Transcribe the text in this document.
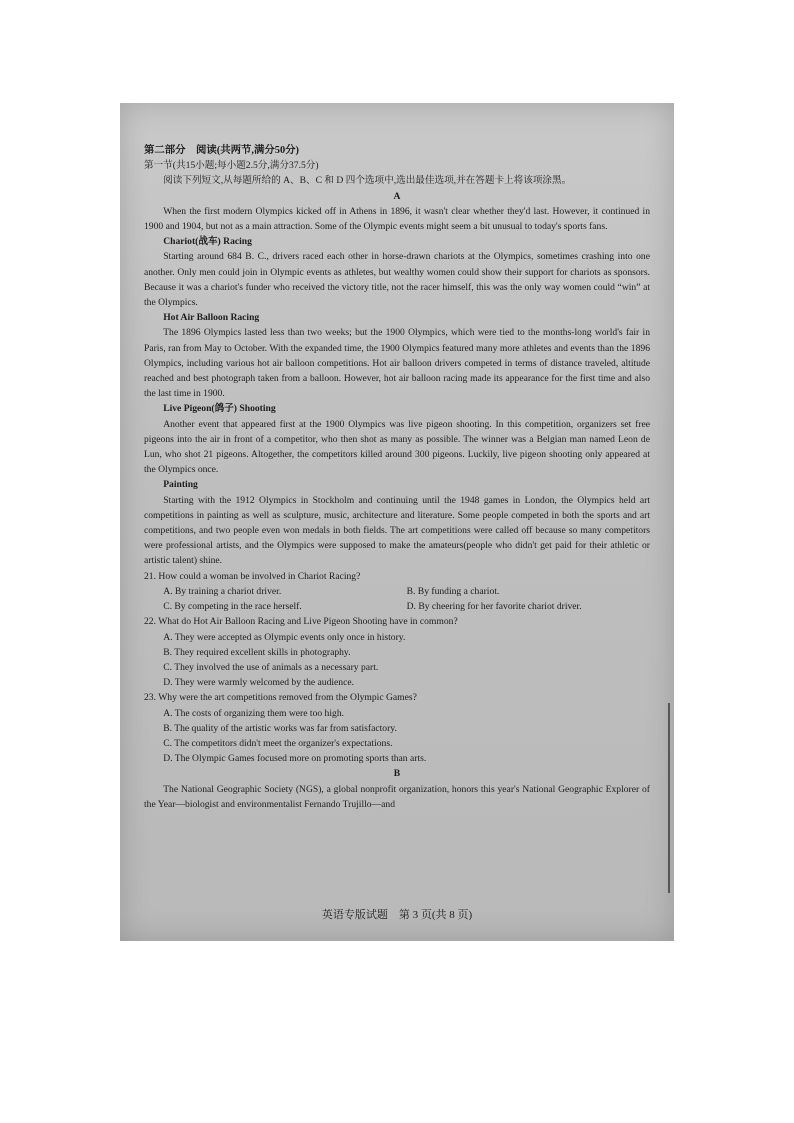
第二部分　阅读(共两节,满分50分)

第一节(共15小题;每小题2.5分,满分37.5分)

阅读下列短文,从每题所给的 A、B、C 和 D 四个选项中,选出最佳选项,并在答题卡上将该项涂黑。

A

When the first modern Olympics kicked off in Athens in 1896, it wasn't clear whether they'd last. However, it continued in 1900 and 1904, but not as a main attraction. Some of the Olympic events might seem a bit unusual to today's sports fans.

Chariot(战车) Racing

Starting around 684 B. C., drivers raced each other in horse-drawn chariots at the Olympics, sometimes crashing into one another. Only men could join in Olympic events as athletes, but wealthy women could show their support for chariots as sponsors. Because it was a chariot's funder who received the victory title, not the racer himself, this was the only way women could “win” at the Olympics.

Hot Air Balloon Racing

The 1896 Olympics lasted less than two weeks; but the 1900 Olympics, which were tied to the months-long world's fair in Paris, ran from May to October. With the expanded time, the 1900 Olympics featured many more athletes and events than the 1896 Olympics, including various hot air balloon competitions. Hot air balloon drivers competed in terms of distance traveled, altitude reached and best photograph taken from a balloon. However, hot air balloon racing made its appearance for the first time and also the last time in 1900.

Live Pigeon(鸽子) Shooting

Another event that appeared first at the 1900 Olympics was live pigeon shooting. In this competition, organizers set free pigeons into the air in front of a competitor, who then shot as many as possible. The winner was a Belgian man named Leon de Lun, who shot 21 pigeons. Altogether, the competitors killed around 300 pigeons. Luckily, live pigeon shooting only appeared at the Olympics once.

Painting

Starting with the 1912 Olympics in Stockholm and continuing until the 1948 games in London, the Olympics held art competitions in painting as well as sculpture, music, architecture and literature. Some people competed in both the sports and art competitions, and two people even won medals in both fields. The art competitions were called off because so many competitors were professional artists, and the Olympics were supposed to make the amateurs(people who didn't get paid for their athletic or artistic talent) shine.

21. How could a woman be involved in Chariot Racing?

A. By training a chariot driver.	B. By funding a chariot.
C. By competing in the race herself.	D. By cheering for her favorite chariot driver.

22. What do Hot Air Balloon Racing and Live Pigeon Shooting have in common?

A. They were accepted as Olympic events only once in history.

B. They required excellent skills in photography.

C. They involved the use of animals as a necessary part.

D. They were warmly welcomed by the audience.

23. Why were the art competitions removed from the Olympic Games?

A. The costs of organizing them were too high.

B. The quality of the artistic works was far from satisfactory.

C. The competitors didn't meet the organizer's expectations.

D. The Olympic Games focused more on promoting sports than arts.

B

The National Geographic Society (NGS), a global nonprofit organization, honors this year's National Geographic Explorer of the Year—biologist and environmentalist Fernando Trujillo—and

英语专版试题　第 3 页(共 8 页)
